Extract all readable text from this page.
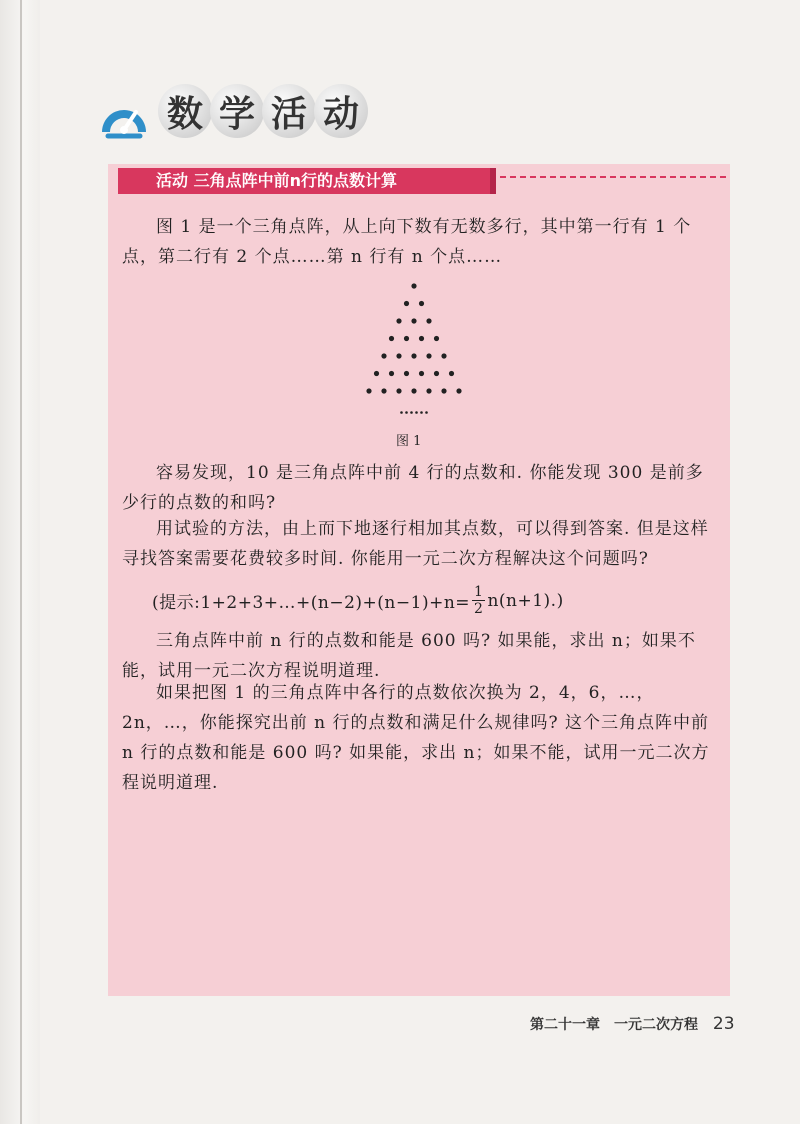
数 学 活 动
活动 三角点阵中前n行的点数计算

图 1 是一个三角点阵，从上向下数有无数多行，其中第一行有 1 个点，第二行有 2 个点……第 n 行有 n 个点……

图 1

容易发现，10 是三角点阵中前 4 行的点数和. 你能发现 300 是前多少行的点数的和吗?

用试验的方法，由上而下地逐行相加其点数，可以得到答案. 但是这样寻找答案需要花费较多时间. 你能用一元二次方程解决这个问题吗?

(提示:1+2+3+…+(n−2)+(n−1)+n= $\frac{1}{2} n(n+1)$.)

三角点阵中前 n 行的点数和能是 600 吗? 如果能，求出 n；如果不能，试用一元二次方程说明道理.

如果把图 1 的三角点阵中各行的点数依次换为 2，4，6，…，2n，…，你能探究出前 n 行的点数和满足什么规律吗? 这个三角点阵中前 n 行的点数和能是 600 吗? 如果能，求出 n；如果不能，试用一元二次方程说明道理.

第二十一章　一元二次方程 23
